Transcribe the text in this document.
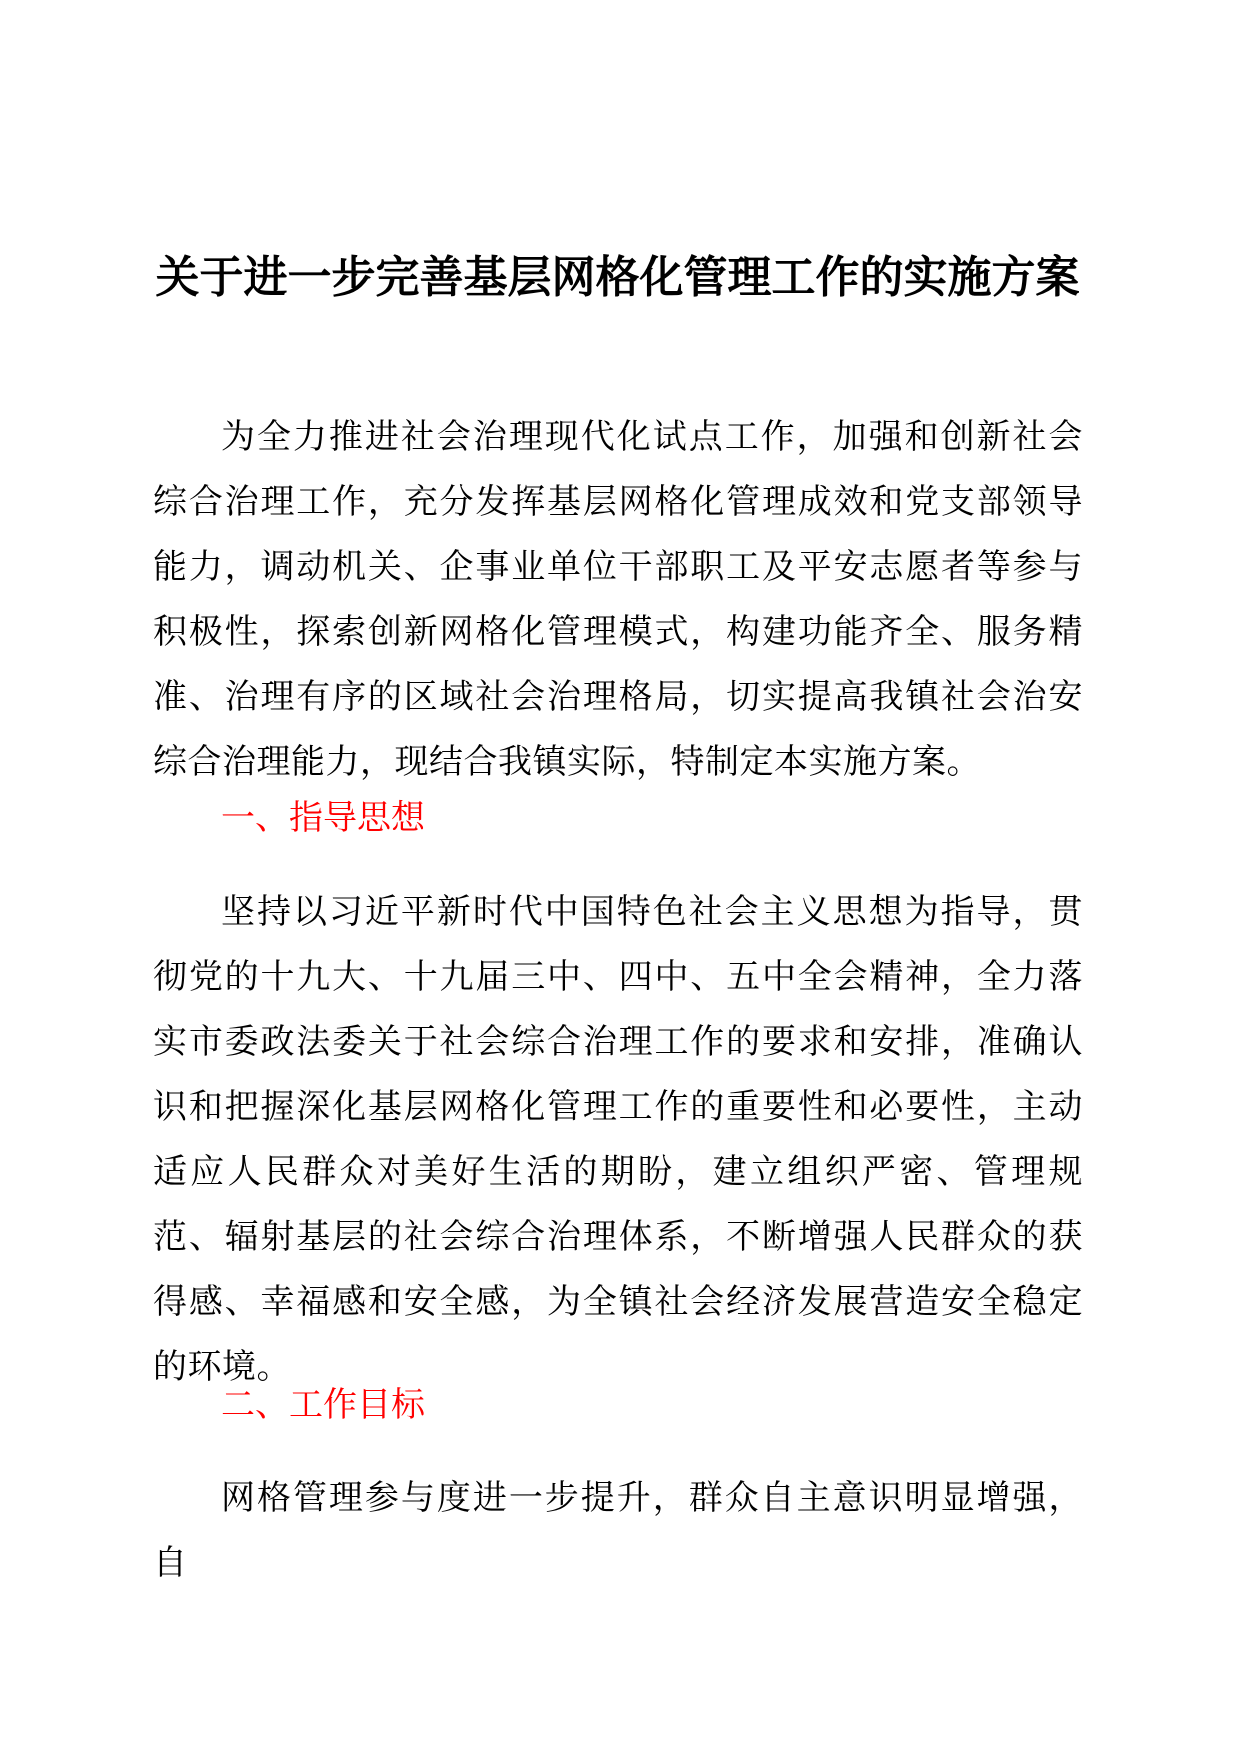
关于进一步完善基层网格化管理工作的实施方案

为全力推进社会治理现代化试点工作，加强和创新社会综合治理工作，充分发挥基层网格化管理成效和党支部领导能力，调动机关、企事业单位干部职工及平安志愿者等参与积极性，探索创新网格化管理模式，构建功能齐全、服务精准、治理有序的区域社会治理格局，切实提高我镇社会治安综合治理能力，现结合我镇实际，特制定本实施方案。

一、指导思想

坚持以习近平新时代中国特色社会主义思想为指导，贯彻党的十九大、十九届三中、四中、五中全会精神，全力落实市委政法委关于社会综合治理工作的要求和安排，准确认识和把握深化基层网格化管理工作的重要性和必要性，主动适应人民群众对美好生活的期盼，建立组织严密、管理规范、辐射基层的社会综合治理体系，不断增强人民群众的获得感、幸福感和安全感，为全镇社会经济发展营造安全稳定的环境。

二、工作目标

网格管理参与度进一步提升，群众自主意识明显增强，自
